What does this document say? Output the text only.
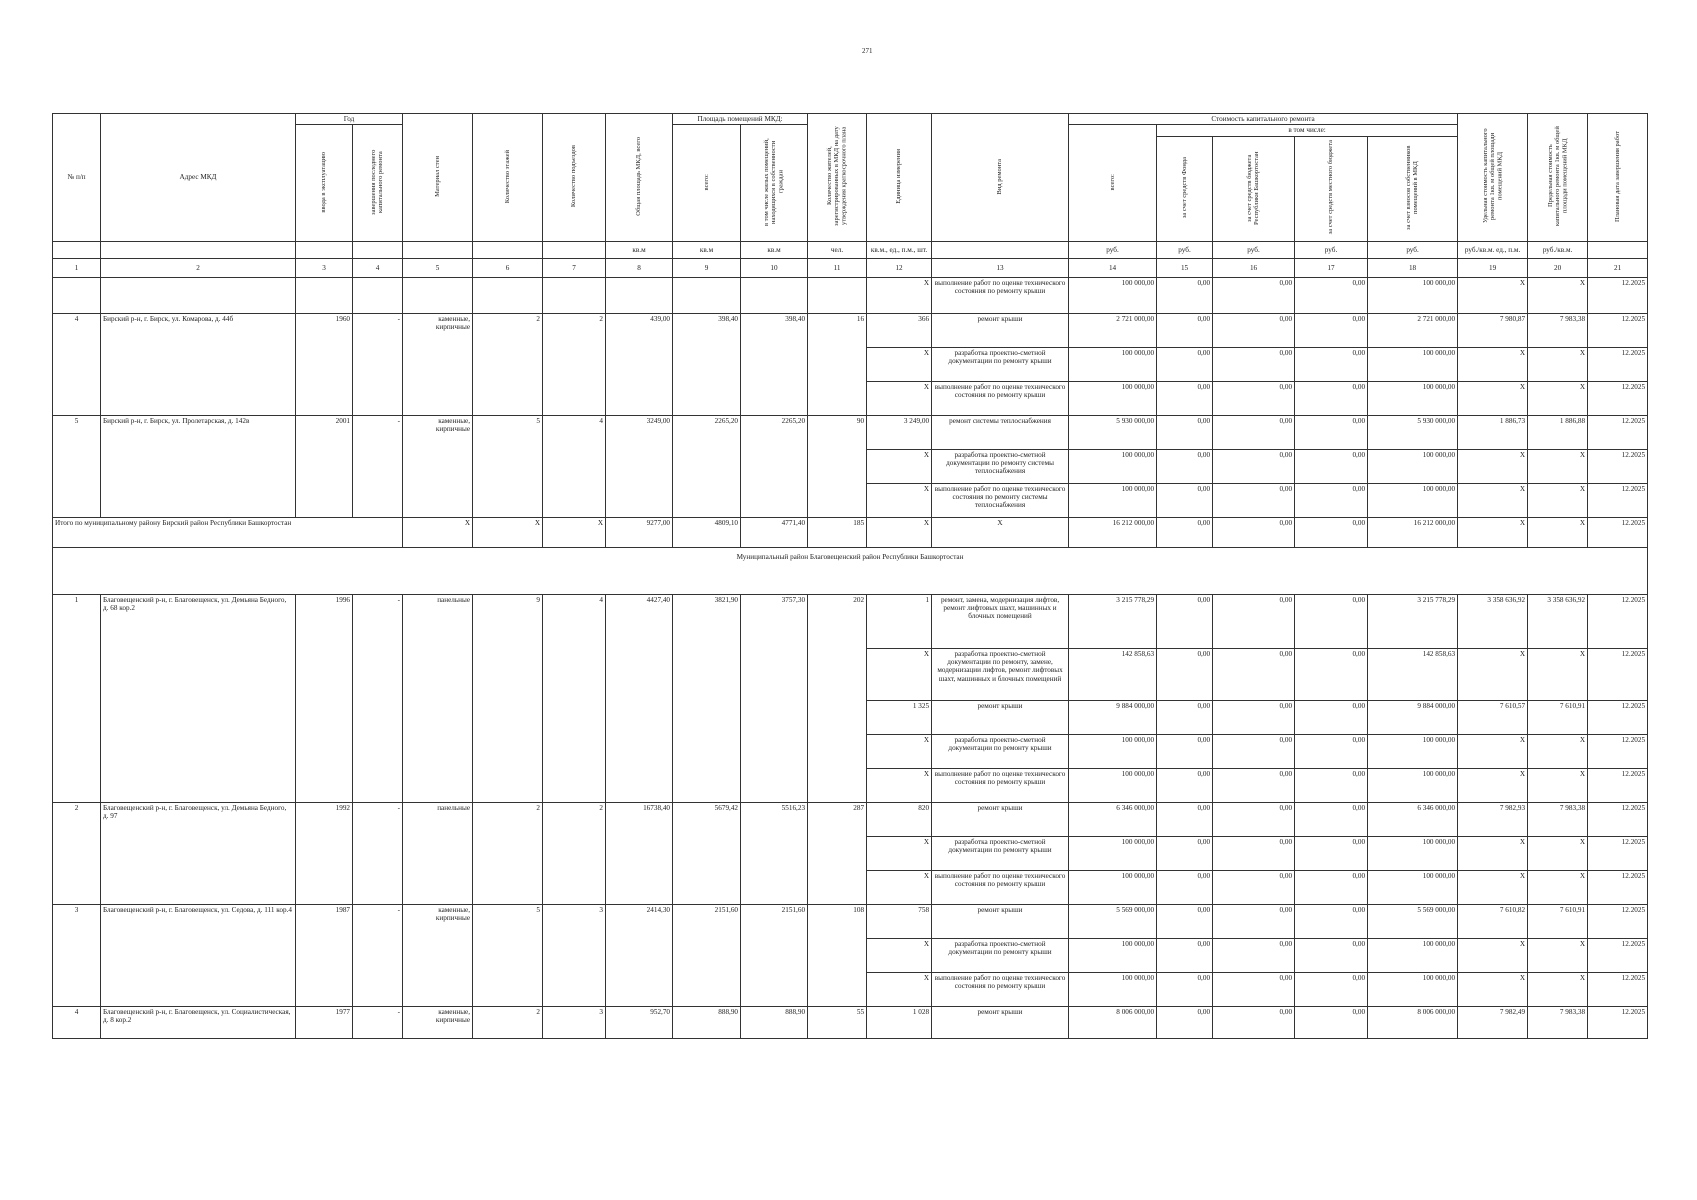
271
№ п/п	Адрес МКД	Год		Материал стен	Количество этажей	Количество подъездов	Общая площадь МКД, всего	Площадь помещений МКД:		Количество жителей, зарегистрированных в МКД на дату утверждения краткосрочного плана	Единица измерения	Вид ремонта	Стоимость капитального ремонта					Удельная стоимость капитального ремонта 1кв. м общей площади помещений МКД	Предельная стоимость капитального ремонта 1кв. м общей площади помещений МКД	Плановая дата завершения работ
		ввода в эксплуатацию	завершения последнего капитального ремонта					всего:	в том числе жилых помещений, находящихся в собственности граждан				всего:	в том числе:						
														за счет средств Фонда	за счет средств бюджета Республики Башкортостан	за счет средств местного бюджета	за счет взносов собственников помещений в МКД			
							кв.м	кв.м	кв.м	чел.	кв.м., ед., п.м., шт.		руб.	руб.	руб.	руб.	руб.	руб./кв.м. ед., п.м.	руб./кв.м.	
1	2	3	4	5	6	7	8	9	10	11	12	13	14	15	16	17	18	19	20	21
											X	выполнение работ по оценке технического состояния по ремонту крыши	100 000,00	0,00	0,00	0,00	100 000,00	X	X	12.2025
4	Бирский р-н, г. Бирск, ул. Комарова, д. 44б	1960	-	каменные, кирпичные	2	2	439,00	398,40	398,40	16	366	ремонт крыши	2 721 000,00	0,00	0,00	0,00	2 721 000,00	7 980,87	7 983,38	12.2025
											X	разработка проектно-сметной документации по ремонту крыши	100 000,00	0,00	0,00	0,00	100 000,00	X	X	12.2025
											X	выполнение работ по оценке технического состояния по ремонту крыши	100 000,00	0,00	0,00	0,00	100 000,00	X	X	12.2025
5	Бирский р-н, г. Бирск, ул. Пролетарская, д. 142в	2001	-	каменные, кирпичные	5	4	3249,00	2265,20	2265,20	90	3 249,00	ремонт системы теплоснабжения	5 930 000,00	0,00	0,00	0,00	5 930 000,00	1 886,73	1 886,88	12.2025
											X	разработка проектно-сметной документации по ремонту системы теплоснабжения	100 000,00	0,00	0,00	0,00	100 000,00	X	X	12.2025
											X	выполнение работ по оценке технического состояния по ремонту системы теплоснабжения	100 000,00	0,00	0,00	0,00	100 000,00	X	X	12.2025
Итого по муниципальному району Бирский район Республики Башкортостан				X	X	X	9277,00	4809,10	4771,40	185	X	X	16 212 000,00	0,00	0,00	0,00	16 212 000,00	X	X	12.2025
Муниципальный район Благовещенский район Республики Башкортостан																				
1	Благовещенский р-н, г. Благовещенск, ул. Демьяна Бедного, д. 68 кор.2	1996	-	панельные	9	4	4427,40	3821,90	3757,30	202	1	ремонт, замена, модернизация лифтов, ремонт лифтовых шахт, машинных и блочных помещений	3 215 778,29	0,00	0,00	0,00	3 215 778,29	3 358 636,92	3 358 636,92	12.2025
											X	разработка проектно-сметной документации по ремонту, замене, модернизации лифтов, ремонт лифтовых шахт, машинных и блочных помещений	142 858,63	0,00	0,00	0,00	142 858,63	X	X	12.2025
											1 325	ремонт крыши	9 884 000,00	0,00	0,00	0,00	9 884 000,00	7 610,57	7 610,91	12.2025
											X	разработка проектно-сметной документации по ремонту крыши	100 000,00	0,00	0,00	0,00	100 000,00	X	X	12.2025
											X	выполнение работ по оценке технического состояния по ремонту крыши	100 000,00	0,00	0,00	0,00	100 000,00	X	X	12.2025
2	Благовещенский р-н, г. Благовещенск, ул. Демьяна Бедного, д. 97	1992	-	панельные	2	2	16738,40	5679,42	5516,23	287	820	ремонт крыши	6 346 000,00	0,00	0,00	0,00	6 346 000,00	7 982,93	7 983,38	12.2025
											X	разработка проектно-сметной документации по ремонту крыши	100 000,00	0,00	0,00	0,00	100 000,00	X	X	12.2025
											X	выполнение работ по оценке технического состояния по ремонту крыши	100 000,00	0,00	0,00	0,00	100 000,00	X	X	12.2025
3	Благовещенский р-н, г. Благовещенск, ул. Седова, д. 111 кор.4	1987	-	каменные, кирпичные	5	3	2414,30	2151,60	2151,60	108	758	ремонт крыши	5 569 000,00	0,00	0,00	0,00	5 569 000,00	7 610,82	7 610,91	12.2025
											X	разработка проектно-сметной документации по ремонту крыши	100 000,00	0,00	0,00	0,00	100 000,00	X	X	12.2025
											X	выполнение работ по оценке технического состояния по ремонту крыши	100 000,00	0,00	0,00	0,00	100 000,00	X	X	12.2025
4	Благовещенский р-н, г. Благовещенск, ул. Социалистическая, д. 8 кор.2	1977	-	каменные, кирпичные	2	3	952,70	888,90	888,90	55	1 028	ремонт крыши	8 006 000,00	0,00	0,00	0,00	8 006 000,00	7 982,49	7 983,38	12.2025
